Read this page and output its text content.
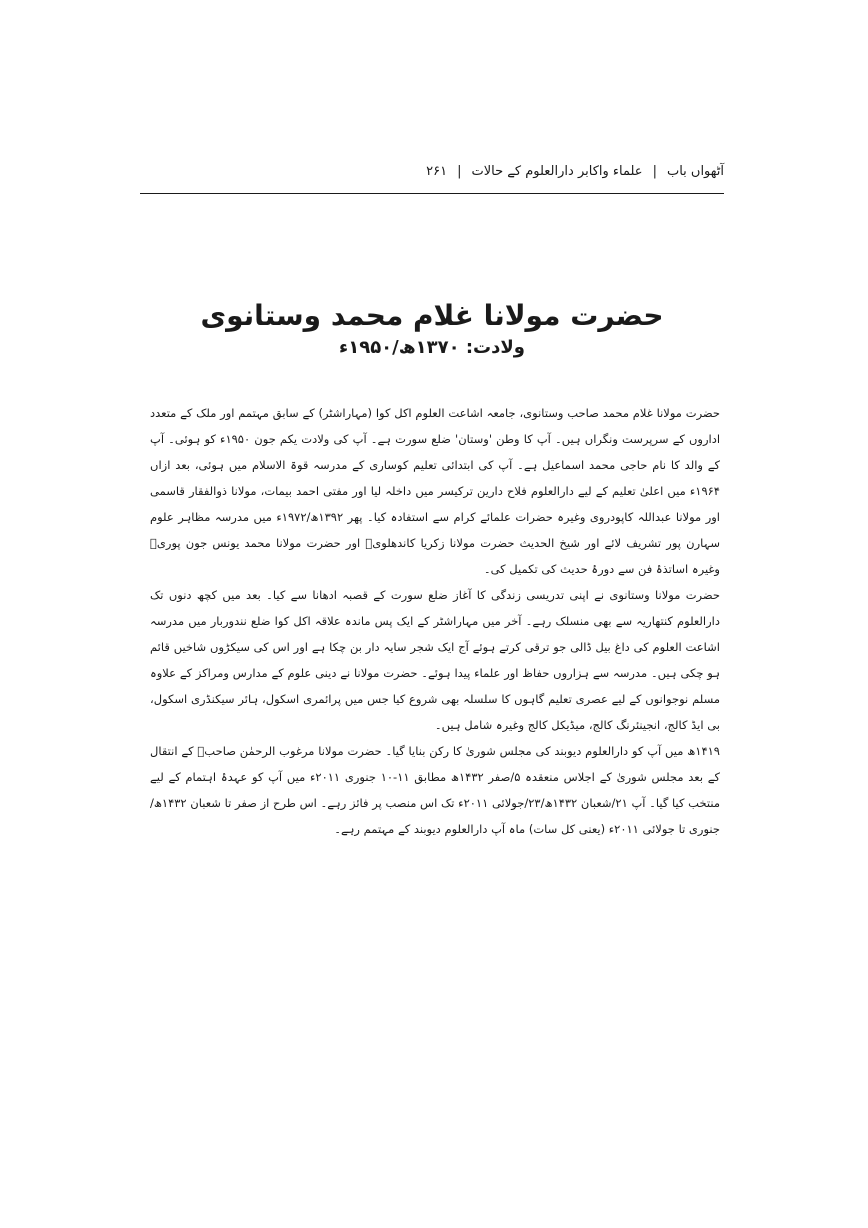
آٹھواں باب
|
علماء واکابر دارالعلوم کے حالات
|
۲۶۱
حضرت مولانا غلام محمد وستانوی
ولادت: ۱۳۷۰ھ/۱۹۵۰ء

حضرت مولانا غلام محمد صاحب وستانوی، جامعہ اشاعت العلوم اکل کوا (مہاراشٹر) کے سابق مہتمم اور ملک کے متعدد اداروں کے سرپرست ونگراں ہیں۔ آپ کا وطن 'وستان' ضلع سورت ہے۔ آپ کی ولادت یکم جون ۱۹۵۰ء کو ہوئی۔ آپ کے والد کا نام حاجی محمد اسماعیل ہے۔ آپ کی ابتدائی تعلیم کوساری کے مدرسہ قوۃ الاسلام میں ہوئی، بعد ازاں ۱۹۶۴ء میں اعلیٰ تعلیم کے لیے دارالعلوم فلاح دارین ترکیسر میں داخلہ لیا اور مفتی احمد بیمات، مولانا ذوالفقار قاسمی اور مولانا عبداللہ کاپودروی وغیرہ حضرات علمائے کرام سے استفادہ کیا۔ پھر ۱۳۹۲ھ/۱۹۷۲ء میں مدرسہ مظاہر علوم سہارن پور تشریف لائے اور شیخ الحدیث حضرت مولانا زکریا کاندھلویؒ اور حضرت مولانا محمد یونس جون پوریؒ وغیرہ اساتذۂ فن سے دورۂ حدیث کی تکمیل کی۔

حضرت مولانا وستانوی نے اپنی تدریسی زندگی کا آغاز ضلع سورت کے قصبہ ادھانا سے کیا۔ بعد میں کچھ دنوں تک دارالعلوم کنتھاریہ سے بھی منسلک رہے۔ آخر میں مہاراشٹر کے ایک پس ماندہ علاقہ اکل کوا ضلع نندوربار میں مدرسہ اشاعت العلوم کی داغ بیل ڈالی جو ترقی کرتے ہوئے آج ایک شجر سایہ دار بن چکا ہے اور اس کی سیکڑوں شاخیں قائم ہو چکی ہیں۔ مدرسہ سے ہزاروں حفاظ اور علماء پیدا ہوئے۔ حضرت مولانا نے دینی علوم کے مدارس ومراکز کے علاوہ مسلم نوجوانوں کے لیے عصری تعلیم گاہوں کا سلسلہ بھی شروع کیا جس میں پرائمری اسکول، ہائر سیکنڈری اسکول، بی ایڈ کالج، انجینئرنگ کالج، میڈیکل کالج وغیرہ شامل ہیں۔

۱۴۱۹ھ میں آپ کو دارالعلوم دیوبند کی مجلس شوریٰ کا رکن بنایا گیا۔ حضرت مولانا مرغوب الرحمٰن صاحبؒ کے انتقال کے بعد مجلس شوریٰ کے اجلاس منعقدہ ۵/صفر ۱۴۳۲ھ مطابق ۱۱-۱۰ جنوری ۲۰۱۱ء میں آپ کو عہدۂ اہتمام کے لیے منتخب کیا گیا۔ آپ ۲۱/شعبان ۱۴۳۲ھ/۲۳/جولائی ۲۰۱۱ء تک اس منصب پر فائز رہے۔ اس طرح از صفر تا شعبان ۱۴۳۲ھ/جنوری تا جولائی ۲۰۱۱ء (یعنی کل سات) ماہ آپ دارالعلوم دیوبند کے مہتمم رہے۔
